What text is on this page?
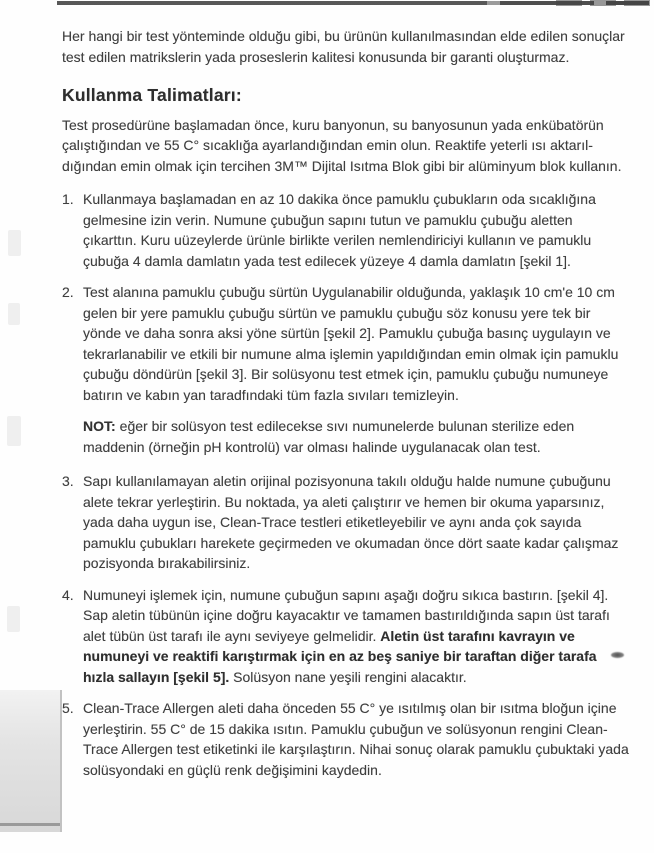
Her hangi bir test yönteminde olduğu gibi, bu ürünün kullanılmasından elde edilen sonuçlar test edilen matrikslerin yada proseslerin kalitesi konusunda bir garanti oluşturmaz.

Kullanma Talimatları:

Test prosedürüne başlamadan önce, kuru banyonun, su banyosunun yada enkübatörün çalıştığından ve 55 C° sıcaklığa ayarlandığından emin olun. Reaktife yeterli ısı aktarıl-dığından emin olmak için tercihen 3M™ Dijital Isıtma Blok gibi bir alüminyum blok kullanın.

1. Kullanmaya başlamadan en az 10 dakika önce pamuklu çubukların oda sıcaklığına gelmesine izin verin. Numune çubuğun sapını tutun ve pamuklu çubuğu aletten çıkarttın. Kuru uüzeylerde ürünle birlikte verilen nemlendiriciyi kullanın ve pamuklu çubuğa 4 damla damlatın yada test edilecek yüzeye 4 damla damlatın [şekil 1].
2. Test alanına pamuklu çubuğu sürtün Uygulanabilir olduğunda, yaklaşık 10 cm'e 10 cm gelen bir yere pamuklu çubuğu sürtün ve pamuklu çubuğu söz konusu yere tek bir yönde ve daha sonra aksi yöne sürtün [şekil 2]. Pamuklu çubuğa basınç uygulayın ve tekrarlanabilir ve etkili bir numune alma işlemin yapıldığından emin olmak için pamuklu çubuğu döndürün [şekil 3]. Bir solüsyonu test etmek için, pamuklu çubuğu numuneye batırın ve kabın yan taradfındaki tüm fazla sıvıları temizleyin.
NOT: eğer bir solüsyon test edilecekse sıvı numunelerde bulunan sterilize eden maddenin (örneğin pH kontrolü) var olması halinde uygulanacak olan test.
3. Sapı kullanılamayan aletin orijinal pozisyonuna takılı olduğu halde numune çubuğunu alete tekrar yerleştirin. Bu noktada, ya aleti çalıştırır ve hemen bir okuma yaparsınız, yada daha uygun ise, Clean-Trace testleri etiketleyebilir ve aynı anda çok sayıda pamuklu çubukları harekete geçirmeden ve okumadan önce dört saate kadar çalışmaz pozisyonda bırakabilirsiniz.
4. Numuneyi işlemek için, numune çubuğun sapını aşağı doğru sıkıca bastırın. [şekil 4]. Sap aletin tübünün içine doğru kayacaktır ve tamamen bastırıldığında sapın üst tarafı alet tübün üst tarafı ile aynı seviyeye gelmelidir. Aletin üst tarafını kavrayın ve numuneyi ve reaktifi karıştırmak için en az beş saniye bir taraftan diğer tarafa hızla sallayın [şekil 5]. Solüsyon nane yeşili rengini alacaktır.
5. Clean-Trace Allergen aleti daha önceden 55 C° ye ısıtılmış olan bir ısıtma bloğun içine yerleştirin. 55 C° de 15 dakika ısıtın. Pamuklu çubuğun ve solüsyonun rengini Clean-Trace Allergen test etiketinki ile karşılaştırın. Nihai sonuç olarak pamuklu çubuktaki yada solüsyondaki en güçlü renk değişimini kaydedin.
